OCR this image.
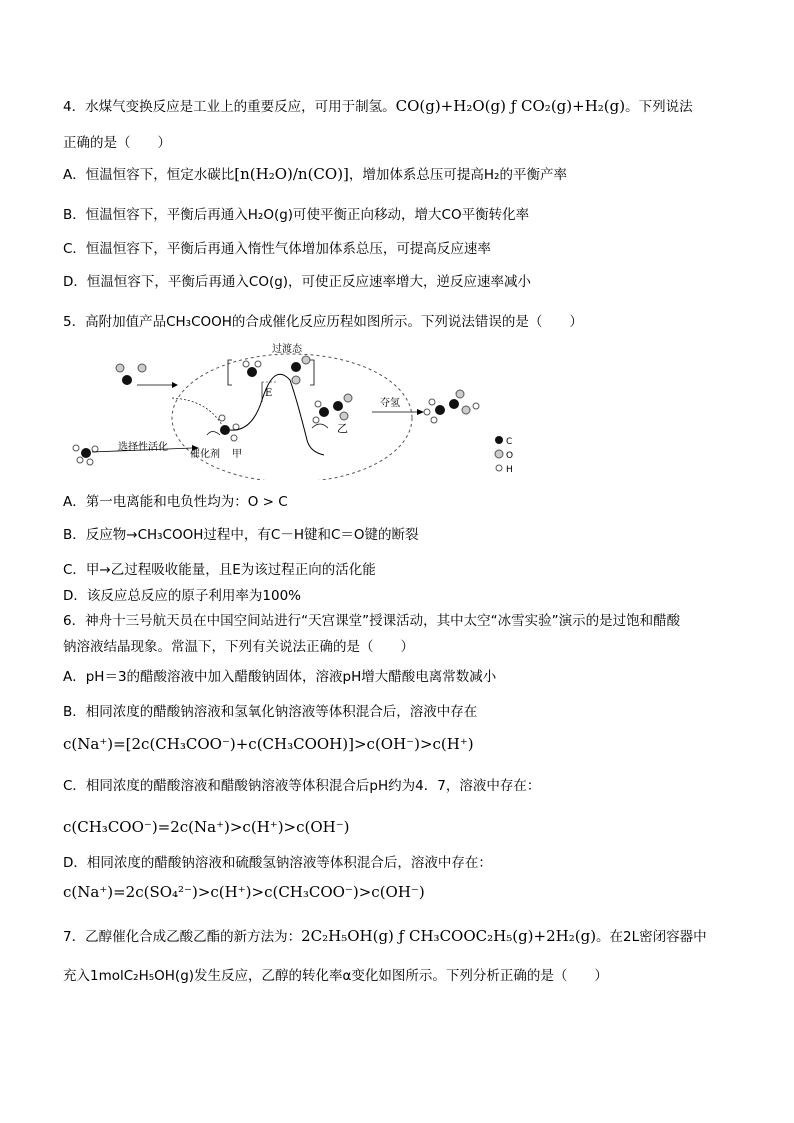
4．水煤气变换反应是工业上的重要反应，可用于制氢。CO(g)+H₂O(g) ƒ CO₂(g)+H₂(g)。下列说法
正确的是（　　）
A．恒温恒容下，恒定水碳比[n(H₂O)/n(CO)]，增加体系总压可提高H₂的平衡产率
B．恒温恒容下，平衡后再通入H₂O(g)可使平衡正向移动，增大CO平衡转化率
C．恒温恒容下，平衡后再通入惰性气体增加体系总压，可提高反应速率
D．恒温恒容下，平衡后再通入CO(g)，可使正反应速率增大，逆反应速率减小
5．高附加值产品CH₃COOH的合成催化反应历程如图所示。下列说法错误的是（　　）
过渡态
选择性活化
催化剂 甲
E
乙
夺氢
C
O
H
A．第一电离能和电负性均为：O > C
B．反应物→CH₃COOH过程中，有C－H键和C＝O键的断裂
C．甲→乙过程吸收能量，且E为该过程正向的活化能
D．该反应总反应的原子利用率为100%
6．神舟十三号航天员在中国空间站进行“天宫课堂”授课活动，其中太空“冰雪实验”演示的是过饱和醋酸
钠溶液结晶现象。常温下，下列有关说法正确的是（　　）
A．pH＝3的醋酸溶液中加入醋酸钠固体，溶液pH增大醋酸电离常数减小
B．相同浓度的醋酸钠溶液和氢氧化钠溶液等体积混合后，溶液中存在
c(Na⁺)=[2c(CH₃COO⁻)+c(CH₃COOH)]>c(OH⁻)>c(H⁺)
C．相同浓度的醋酸溶液和醋酸钠溶液等体积混合后pH约为4．7，溶液中存在：
c(CH₃COO⁻)=2c(Na⁺)>c(H⁺)>c(OH⁻)
D．相同浓度的醋酸钠溶液和硫酸氢钠溶液等体积混合后，溶液中存在：
c(Na⁺)=2c(SO₄²⁻)>c(H⁺)>c(CH₃COO⁻)>c(OH⁻)
7．乙醇催化合成乙酸乙酯的新方法为：2C₂H₅OH(g) ƒ CH₃COOC₂H₅(g)+2H₂(g)。在2L密闭容器中
充入1molC₂H₅OH(g)发生反应，乙醇的转化率α变化如图所示。下列分析正确的是（　　）
